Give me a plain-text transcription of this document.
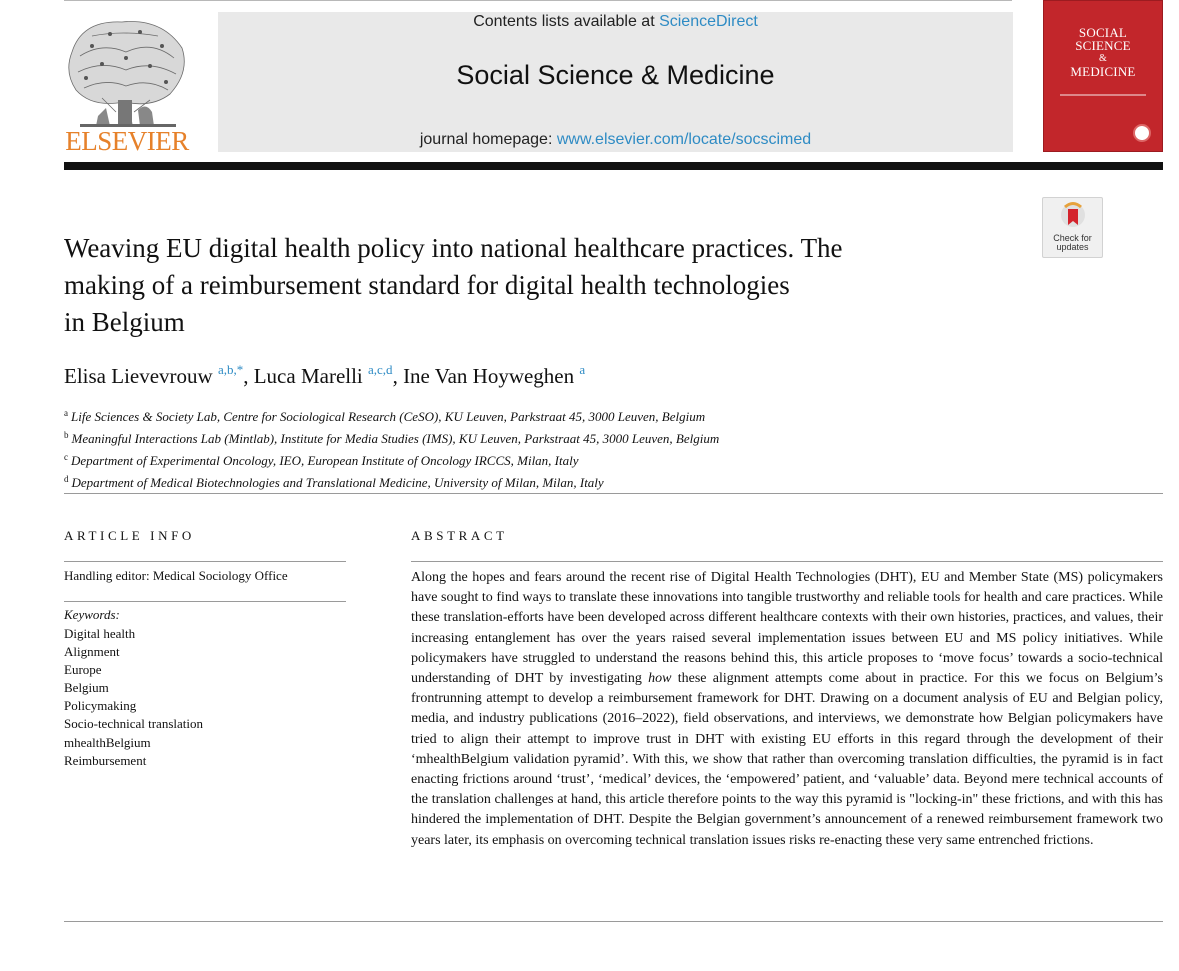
ELSEVIER
Contents lists available at ScienceDirect
Social Science & Medicine
journal homepage: www.elsevier.com/locate/socscimed
SOCIAL
SCIENCE
&
MEDICINE
Check for
updates
Weaving EU digital health policy into national healthcare practices. The
making of a reimbursement standard for digital health technologies
in Belgium
Elisa Lievevrouw $^{a,b,*}$, Luca Marelli $^{a,c,d}$, Ine Van Hoyweghen $^a$
$^a$ Life Sciences & Society Lab, Centre for Sociological Research (CeSO), KU Leuven, Parkstraat 45, 3000 Leuven, Belgium
$^b$ Meaningful Interactions Lab (Mintlab), Institute for Media Studies (IMS), KU Leuven, Parkstraat 45, 3000 Leuven, Belgium
$^c$ Department of Experimental Oncology, IEO, European Institute of Oncology IRCCS, Milan, Italy
$^d$ Department of Medical Biotechnologies and Translational Medicine, University of Milan, Milan, Italy
ARTICLE INFO
Handling editor: Medical Sociology Office
Keywords:
Digital health
Alignment
Europe
Belgium
Policymaking
Socio-technical translation
mhealthBelgium
Reimbursement
ABSTRACT
Along the hopes and fears around the recent rise of Digital Health Technologies (DHT), EU and Member State (MS) policymakers have sought to find ways to translate these innovations into tangible trustworthy and reliable tools for health and care practices. While these translation-efforts have been developed across different healthcare contexts with their own histories, practices, and values, their increasing entanglement has over the years raised several implementation issues between EU and MS policy initiatives. While policymakers have struggled to understand the reasons behind this, this article proposes to ‘move focus’ towards a socio-technical understanding of DHT by investigating how these alignment attempts come about in practice. For this we focus on Belgium’s frontrunning attempt to develop a reimbursement framework for DHT. Drawing on a document analysis of EU and Belgian policy, media, and industry publications (2016–2022), field observations, and interviews, we demonstrate how Belgian policymakers have tried to align their attempt to improve trust in DHT with existing EU efforts in this regard through the development of their ‘mhealthBelgium validation pyramid’. With this, we show that rather than overcoming translation difficulties, the pyramid is in fact enacting frictions around ‘trust’, ‘medical’ devices, the ‘empowered’ patient, and ‘valuable’ data. Beyond mere technical accounts of the translation challenges at hand, this article therefore points to the way this pyramid is "locking-in" these frictions, and with this has hindered the implementation of DHT. Despite the Belgian government’s announcement of a renewed reimbursement framework two years later, its emphasis on overcoming technical translation issues risks re-enacting these very same entrenched frictions.
